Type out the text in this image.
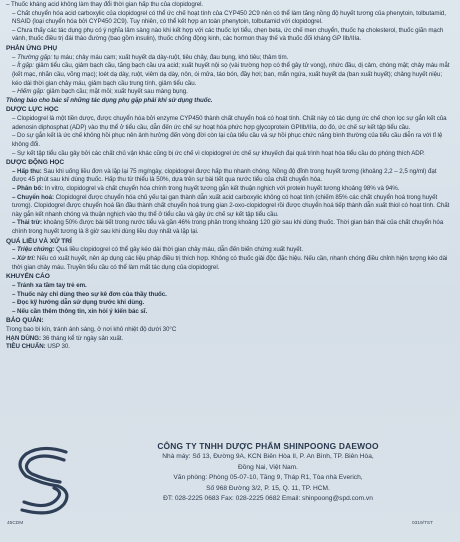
– Thuốc kháng acid không làm thay đổi thời gian hấp thu của clopidogrel.

– Chất chuyển hóa acid carboxylic của clopidogrel có thể ức chế hoạt tính của CYP450 2C9 nên có thể làm tăng nồng độ huyết tương của phenytoin, tolbutamid, NSAID (loại chuyển hóa bởi CYP450 2C9). Tuy nhiên, có thể kết hợp an toàn phenytoin, tolbutamid với clopidogrel.

– Chưa thấy các tác dụng phụ có ý nghĩa lâm sàng nào khi kết hợp với các thuốc lợi tiểu, chẹn beta, ức chế men chuyển, thuốc hạ cholesterol, thuốc giãn mạch vành, thuốc điều trị đái tháo đường (bao gồm insulin), thuốc chống động kinh, các hormon thay thế và thuốc đối kháng GP IIb/IIIa.

PHẢN ỨNG PHỤ

– Thường gặp: tụ máu; chảy máu cam; xuất huyết da dày-ruột, tiêu chảy, đau bụng, khó tiêu; thâm tím.

– Ít gặp: giảm tiểu cầu, giảm bạch cầu, tăng bạch cầu ưa acid; xuất huyết nội sọ (vài trường hợp có thể gây tử vong), nhức đầu, dị cảm, chóng mặt; chảy máu mắt (kết mạc, nhãn cầu, võng mạc); loét dạ dày, ruột, viêm dạ dày, nôn, ói mửa, táo bón, đầy hơi; ban, mẩn ngứa, xuất huyết da (ban xuất huyết); chảng huyết niệu; kéo dài thời gian chảy máu, giảm bạch cầu trung tính, giảm tiểu cầu.

– Hiếm gặp: giảm bạch cầu; mặt mỏi; xuất huyết sau màng bụng.

Thông báo cho bác sĩ những tác dụng phụ gặp phải khi sử dụng thuốc.

DƯỢC LỰC HỌC

– Clopidogrel là một tiền dược, được chuyển hóa bởi enzyme CYP450 thành chất chuyển hoá có hoạt tính. Chất này có tác dụng ức chế chọn lọc sự gắn kết của adenosin diphosphat (ADP) vào thụ thể ở tiểu cầu, dẫn đến ức chế sự hoạt hóa phức hợp glycoprotein GPIIb/IIIa, do đó, ức chế sự kết tập tiểu cầu.

– Do sự gắn kết là ức chế không hồi phục nên ảnh hưởng đến vòng đời còn lại của tiểu cầu và sự hồi phục chức năng bình thường của tiểu cầu diễn ra với tỉ lệ không đổi.

– Sự kết tập tiểu cầu gây bởi các chất chủ vận khác cũng bị ức chế vì clopidogrel ức chế sự khuyếch đại quá trình hoạt hóa tiểu cầu do phóng thích ADP.

DƯỢC ĐỘNG HỌC

– Hấp thu: Sau khi uống liều đơn và lặp lại 75 mg/ngày, clopidogrel được hấp thu nhanh chóng. Nồng độ đỉnh trong huyết tương (khoảng 2,2 – 2,5 ng/ml) đạt được 45 phút sau khi dùng thuốc. Hấp thu từ thiểu là 50%, dựa trên sự bài tiết qua nước tiểu của chất chuyển hóa.

– Phân bố: In vitro, clopidogrel và chất chuyển hóa chính trong huyết tương gắn kết thuận nghịch với protein huyết tương khoảng 98% và 94%.

– Chuyển hoá: Clopidogrel được chuyển hóa chủ yếu tại gan thành dẫn xuất acid carboxylic không có hoạt tính (chiếm 85% các chất chuyển hoá trong huyết tương). Clopidogrel được chuyển hoá lần đầu thành chất chuyển hoá trung gian 2-oxo-clopidogrel rồi được chuyển hoá tiếp thành dẫn xuất thiol có hoạt tính. Chất này gắn kết nhanh chóng và thuận nghịch vào thụ thể ở tiểu cầu và gây ức chế sự kết tập tiểu cầu.

– Thải trừ: khoảng 50% được bài tiết trong nước tiểu và gần 46% trong phân trong khoảng 120 giờ sau khi dùng thuốc. Thời gian bán thải của chất chuyển hóa chính trong huyết tương là 8 giờ sau khi dùng liều duy nhất và lặp lại.

QUÁ LIỀU VÀ XỬ TRÍ

– Triệu chứng: Quá liều clopidogrel có thể gây kéo dài thời gian chảy máu, dẫn đến biến chứng xuất huyết.

– Xử trí: Nếu có xuất huyết, nên áp dụng các liệu pháp điều trị thích hợp. Không có thuốc giải độc đặc hiệu. Nếu cần, nhanh chóng điều chỉnh hiện tượng kéo dài thời gian chảy máu. Truyền tiểu cầu có thể làm mất tác dụng của clopidogrel.

KHUYẾN CÁO

– Tránh xa tầm tay trẻ em.

– Thuốc này chỉ dùng theo sự kê đơn của thầy thuốc.

– Đọc kỹ hướng dẫn sử dụng trước khi dùng.

– Nếu cần thêm thông tin, xin hỏi ý kiến bác sĩ.

BẢO QUẢN:

Trong bao bì kín, tránh ánh sáng, ở nơi khô nhiệt độ dưới 30°C

HẠN DÙNG: 36 tháng kể từ ngày sản xuất.

TIÊU CHUẨN: USP 30.

CÔNG TY TNHH DƯỢC PHẨM SHINPOONG DAEWOO
Nhà máy: Số 13, Đường 9A, KCN Biên Hòa II, P. An Bình, TP. Biên Hòa,
Đồng Nai, Việt Nam.
Văn phòng: Phòng 05-07-10, Tầng 9, Tháp R1, Tòa nhà Everich,
Số 968 Đường 3/2, P. 15, Q. 11, TP. HCM.
ĐT: 028-2225 0683 Fax: 028-2225 0682 Email: shinpoong@spd.com.vn
45CDM	0319/TST
